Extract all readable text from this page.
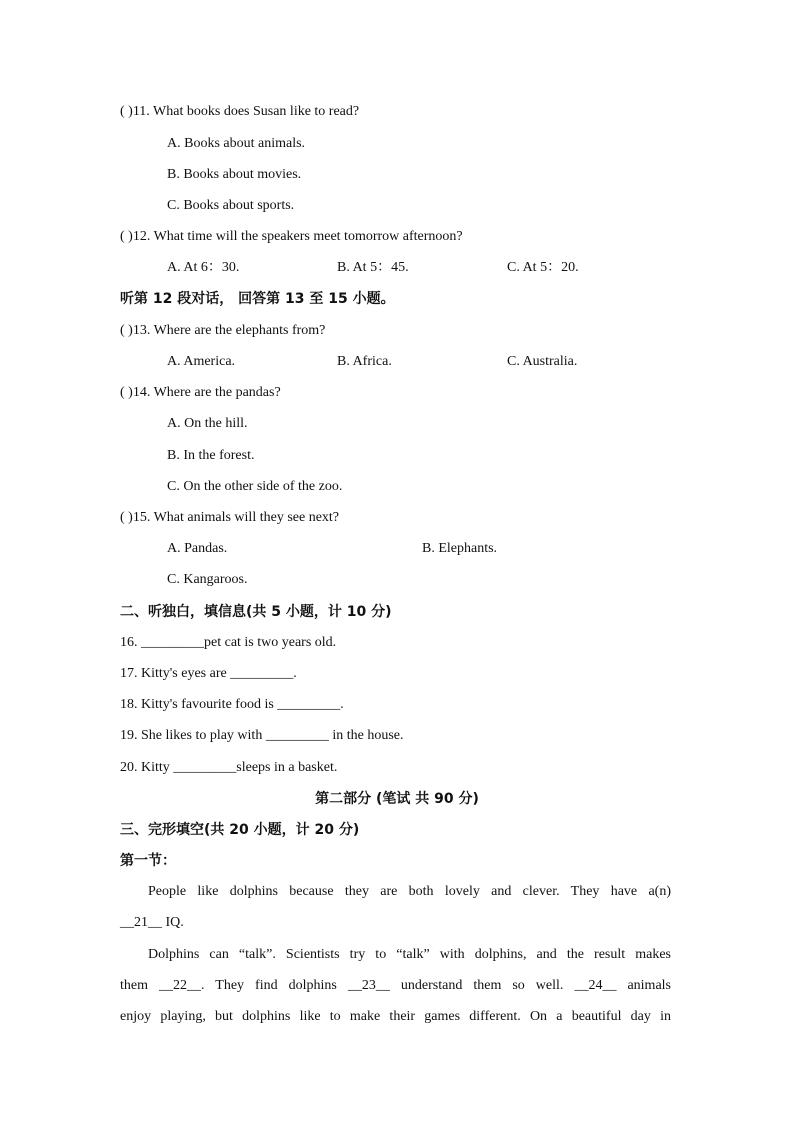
( )11. What books does Susan like to read?
A. Books about animals.
B. Books about movies.
C. Books about sports.
( )12. What time will the speakers meet tomorrow afternoon?
A. At 6：30.	B. At 5：45.	C. At 5：20.
听第 12 段对话， 回答第 13 至 15 小题。
( )13. Where are the elephants from?
A. America.	B. Africa.	C. Australia.
( )14. Where are the pandas?
A. On the hill.
B. In the forest.
C. On the other side of the zoo.
( )15. What animals will they see next?
A. Pandas.	B. Elephants.
C. Kangaroos.
二、听独白，填信息(共 5 小题，计 10 分)
16. _________pet cat is two years old.
17. Kitty's eyes are _________.
18. Kitty's favourite food is _________.
19. She likes to play with _________ in the house.
20. Kitty _________sleeps in a basket.
第二部分 (笔试 共 90 分)
三、完形填空(共 20 小题，计 20 分)
第一节：
People like dolphins because they are both lovely and clever. They have a(n)
__21__ IQ.
Dolphins can “talk”. Scientists try to “talk” with dolphins, and the result makes
them __22__. They find dolphins __23__ understand them so well. __24__ animals
enjoy playing, but dolphins like to make their games different. On a beautiful day in
